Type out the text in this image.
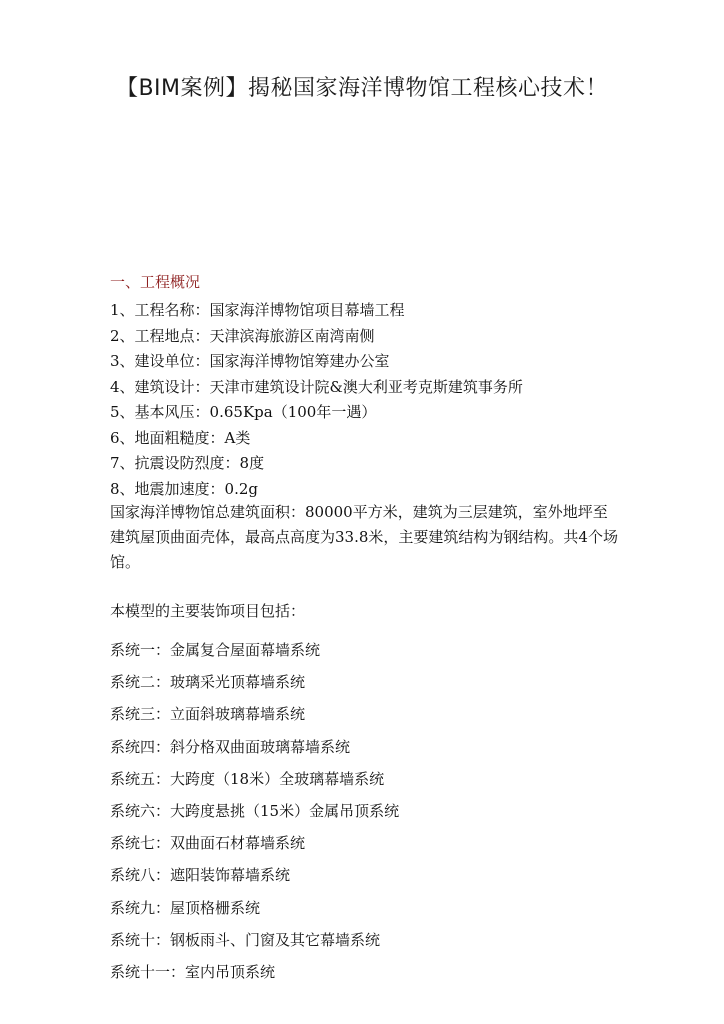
【BIM案例】揭秘国家海洋博物馆工程核心技术！
一、工程概况
1、工程名称：国家海洋博物馆项目幕墙工程
2、工程地点：天津滨海旅游区南湾南侧
3、建设单位：国家海洋博物馆筹建办公室
4、建筑设计：天津市建筑设计院&澳大利亚考克斯建筑事务所
5、基本风压：0.65Kpa（100年一遇）
6、地面粗糙度：A类
7、抗震设防烈度：8度
8、地震加速度：0.2g

国家海洋博物馆总建筑面积：80000平方米，建筑为三层建筑，室外地坪至建筑屋顶曲面壳体，最高点高度为33.8米，主要建筑结构为钢结构。共4个场馆。

本模型的主要装饰项目包括：

系统一：金属复合屋面幕墙系统
系统二：玻璃采光顶幕墙系统
系统三：立面斜玻璃幕墙系统
系统四：斜分格双曲面玻璃幕墙系统
系统五：大跨度（18米）全玻璃幕墙系统
系统六：大跨度悬挑（15米）金属吊顶系统
系统七：双曲面石材幕墙系统
系统八：遮阳装饰幕墙系统
系统九：屋顶格栅系统
系统十：钢板雨斗、门窗及其它幕墙系统
系统十一：室内吊顶系统
